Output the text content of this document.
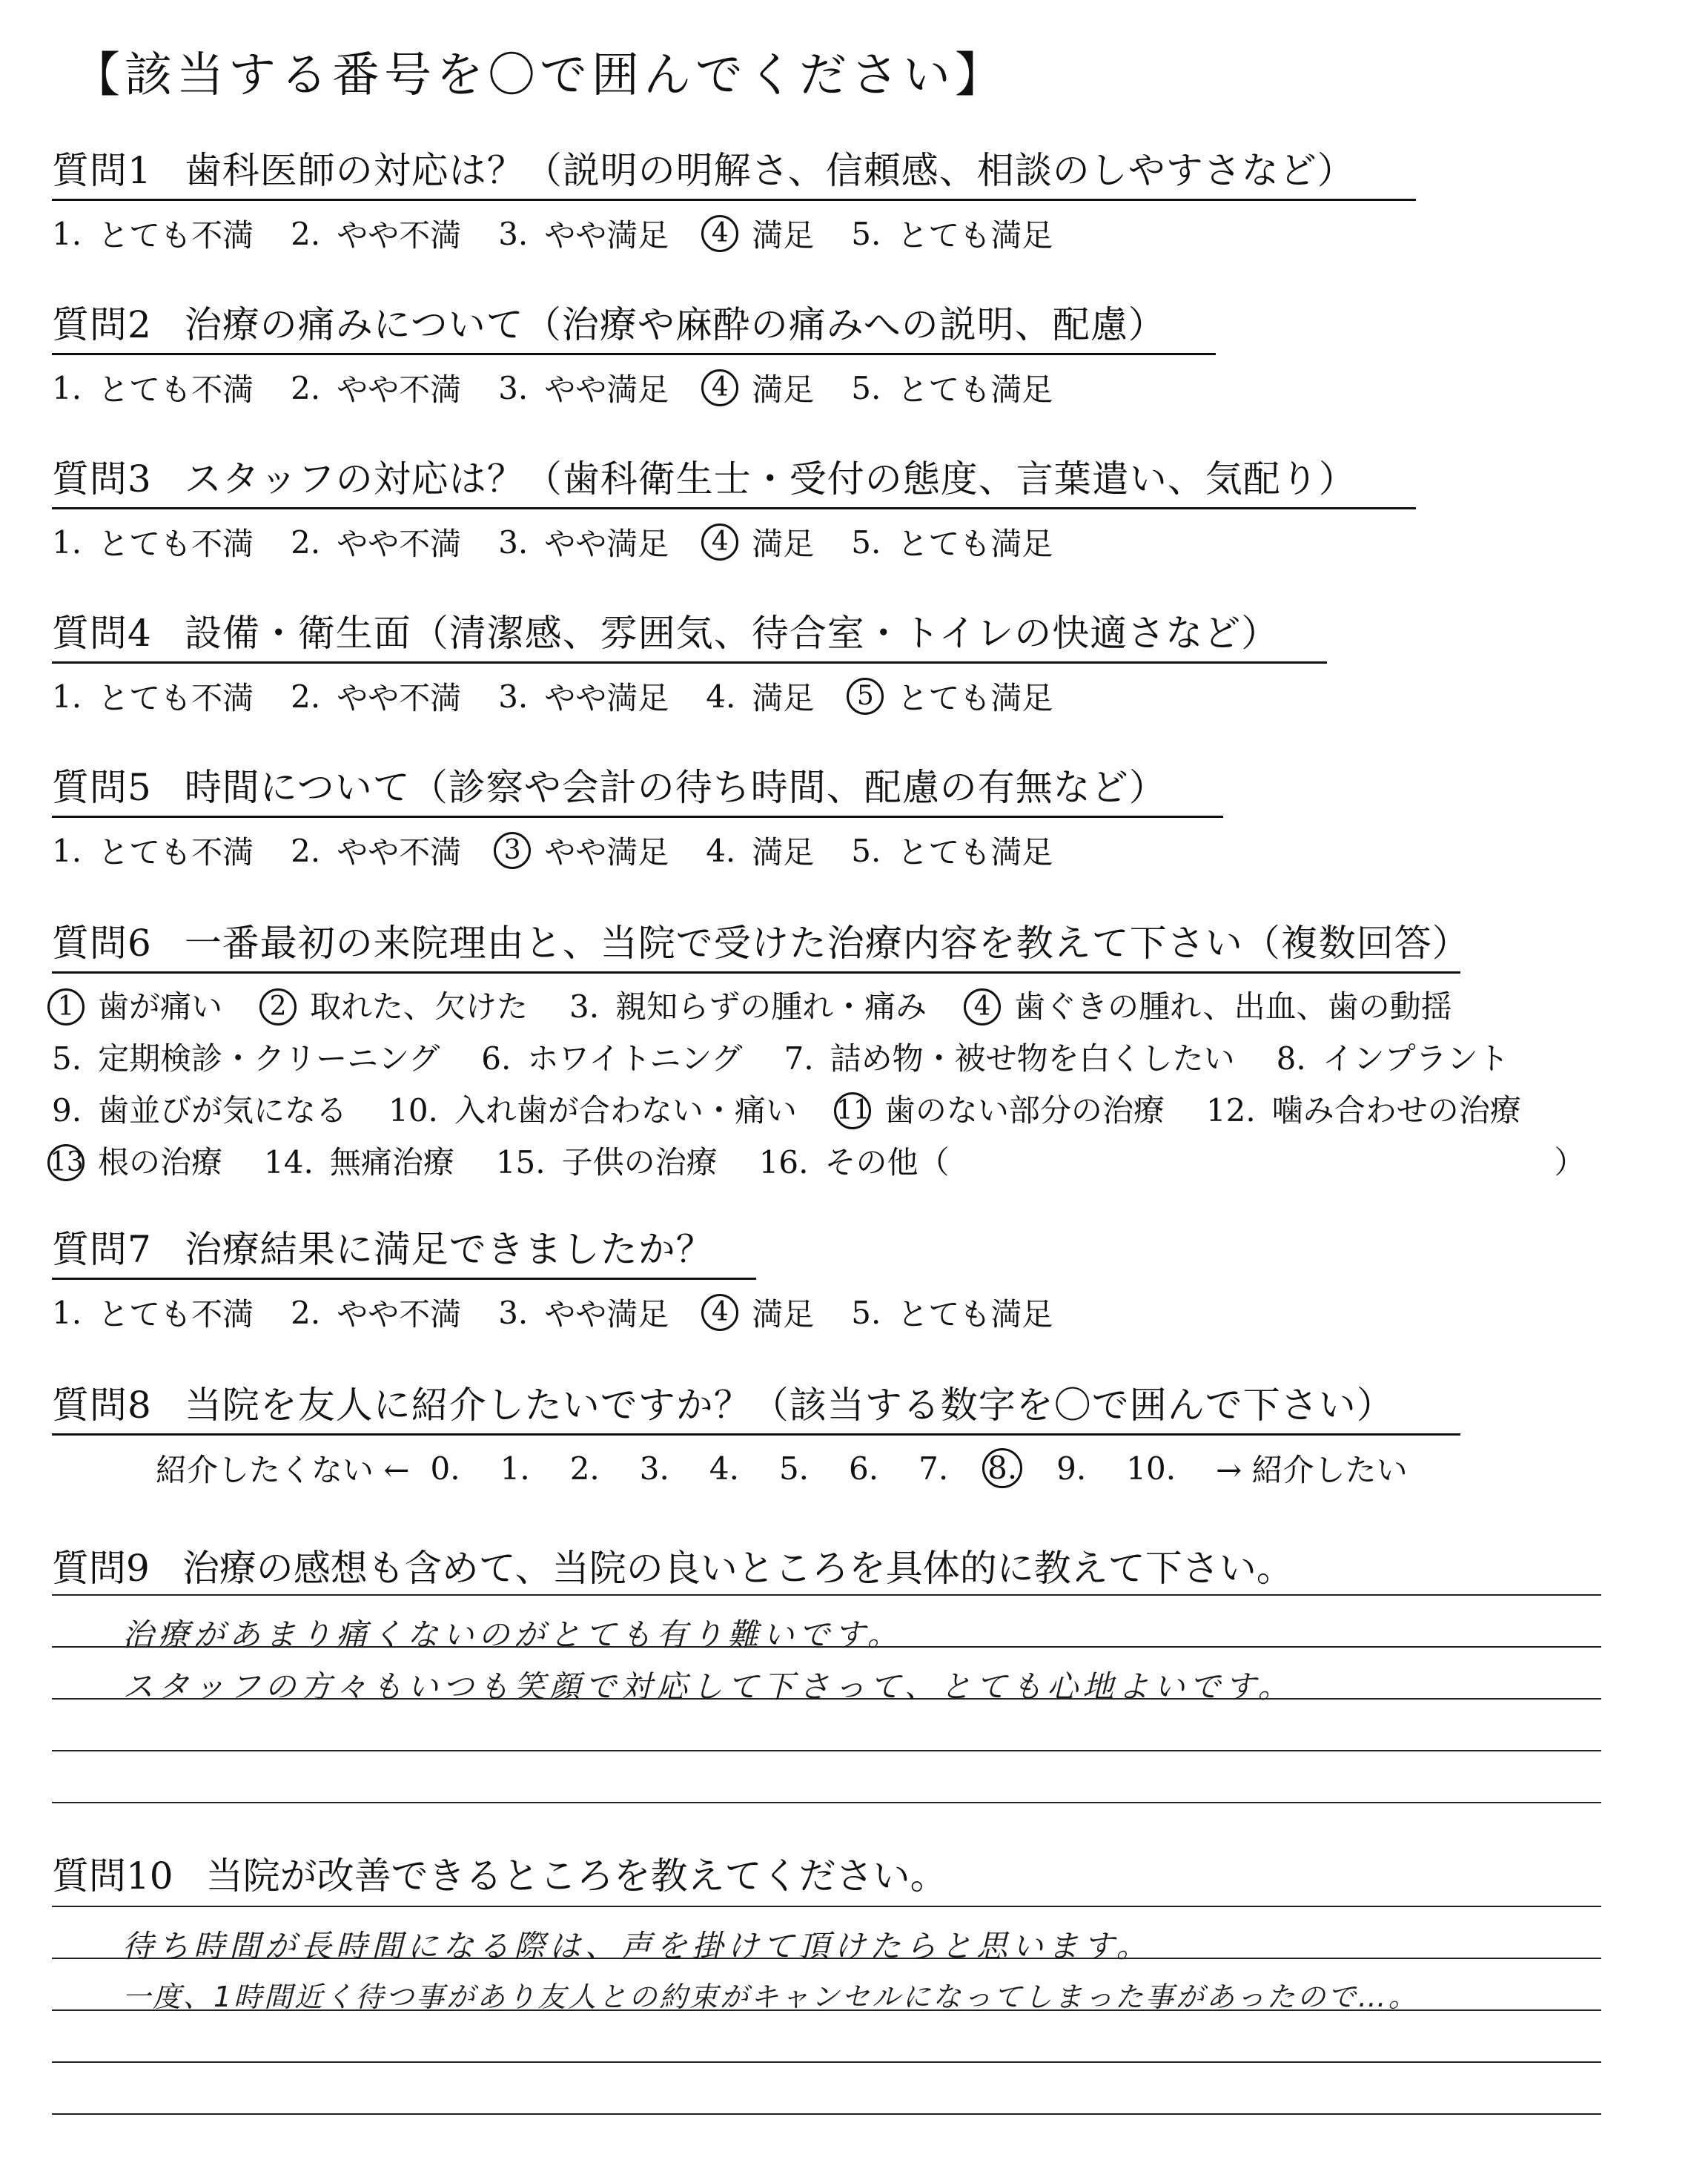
【該当する番号を〇で囲んでください】
質問1 歯科医師の対応は？（説明の明解さ、信頼感、相談のしやすさなど）
1. とても不満 2. やや不満 3. やや満足	4 満足 5. とても満足
質問2 治療の痛みについて（治療や麻酔の痛みへの説明、配慮）
1. とても不満 2. やや不満 3. やや満足	4 満足 5. とても満足
質問3 スタッフの対応は？（歯科衛生士・受付の態度、言葉遣い、気配り）
1. とても不満 2. やや不満 3. やや満足	4 満足 5. とても満足
質問4 設備・衛生面（清潔感、雰囲気、待合室・トイレの快適さなど）
1. とても不満 2. やや不満 3. やや満足 4. 満足	5 とても満足
質問5 時間について（診察や会計の待ち時間、配慮の有無など）
1. とても不満 2. やや不満	3 やや満足 4. 満足 5. とても満足
質問6 一番最初の来院理由と、当院で受けた治療内容を教えて下さい（複数回答）
1 歯が痛い	2 取れた、欠けた 3. 親知らずの腫れ・痛み	4 歯ぐきの腫れ、出血、歯の動揺
5. 定期検診・クリーニング 6. ホワイトニング 7. 詰め物・被せ物を白くしたい 8. インプラント
9. 歯並びが気になる 10. 入れ歯が合わない・痛い 11 歯のない部分の治療 12. 噛み合わせの治療
13 根の治療 14. 無痛治療 15. 子供の治療 16. その他（	）
質問7 治療結果に満足できましたか？
1. とても不満 2. やや不満 3. やや満足	4 満足 5. とても満足
質問8 当院を友人に紹介したいですか？（該当する数字を〇で囲んで下さい）
紹介したくない ← 0. 1. 2. 3. 4. 5. 6. 7. 8. 9. 10. → 紹介したい
質問9 治療の感想も含めて、当院の良いところを具体的に教えて下さい。
治療があまり痛くないのがとても有り難いです。
スタッフの方々もいつも笑顔で対応して下さって、とても心地よいです。
質問10 当院が改善できるところを教えてください。
待ち時間が長時間になる際は、声を掛けて頂けたらと思います。
一度、1時間近く待つ事があり友人との約束がキャンセルになってしまった事があったので…。
